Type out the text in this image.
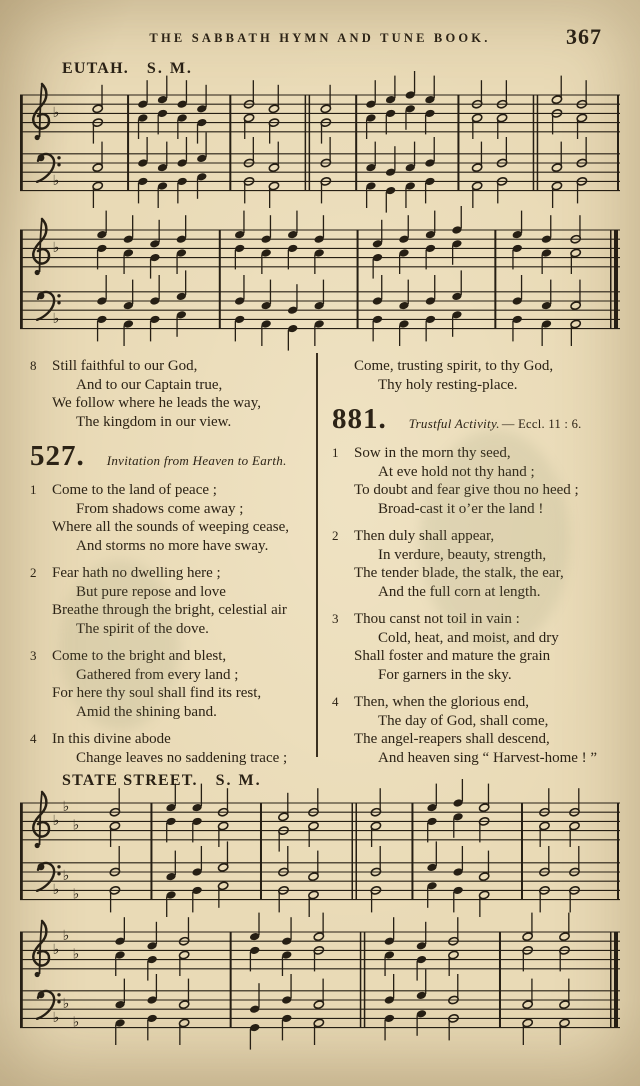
THE SABBATH HYMN AND TUNE BOOK.	367
EUTAH. S. M.
♭
♭
♭
♭
8 Still faithful to our God,
And to our Captain true,
We follow where he leads the way,
The kingdom in our view.
527. Invitation from Heaven to Earth.
1 Come to the land of peace ;
From shadows come away ;
Where all the sounds of weeping cease,
And storms no more have sway.
2 Fear hath no dwelling here ;
But pure repose and love
Breathe through the bright, celestial air
The spirit of the dove.
3 Come to the bright and blest,
Gathered from every land ;
For here thy soul shall find its rest,
Amid the shining band.
4 In this divine abode
Change leaves no saddening trace ;
Come, trusting spirit, to thy God,
Thy holy resting-place.
881. Trustful Activity. — Eccl. 11 : 6.
1 Sow in the morn thy seed,
At eve hold not thy hand ;
To doubt and fear give thou no heed ;
Broad-cast it o’er the land !
2 Then duly shall appear,
In verdure, beauty, strength,
The tender blade, the stalk, the ear,
And the full corn at length.
3 Thou canst not toil in vain :
Cold, heat, and moist, and dry
Shall foster and mature the grain
For garners in the sky.
4 Then, when the glorious end,
The day of God, shall come,
The angel-reapers shall descend,
And heaven sing “ Harvest-home ! ”
STATE STREET. S. M.
♭
♭
♭
♭
♭
♭
♭
♭
♭
♭
♭
♭
